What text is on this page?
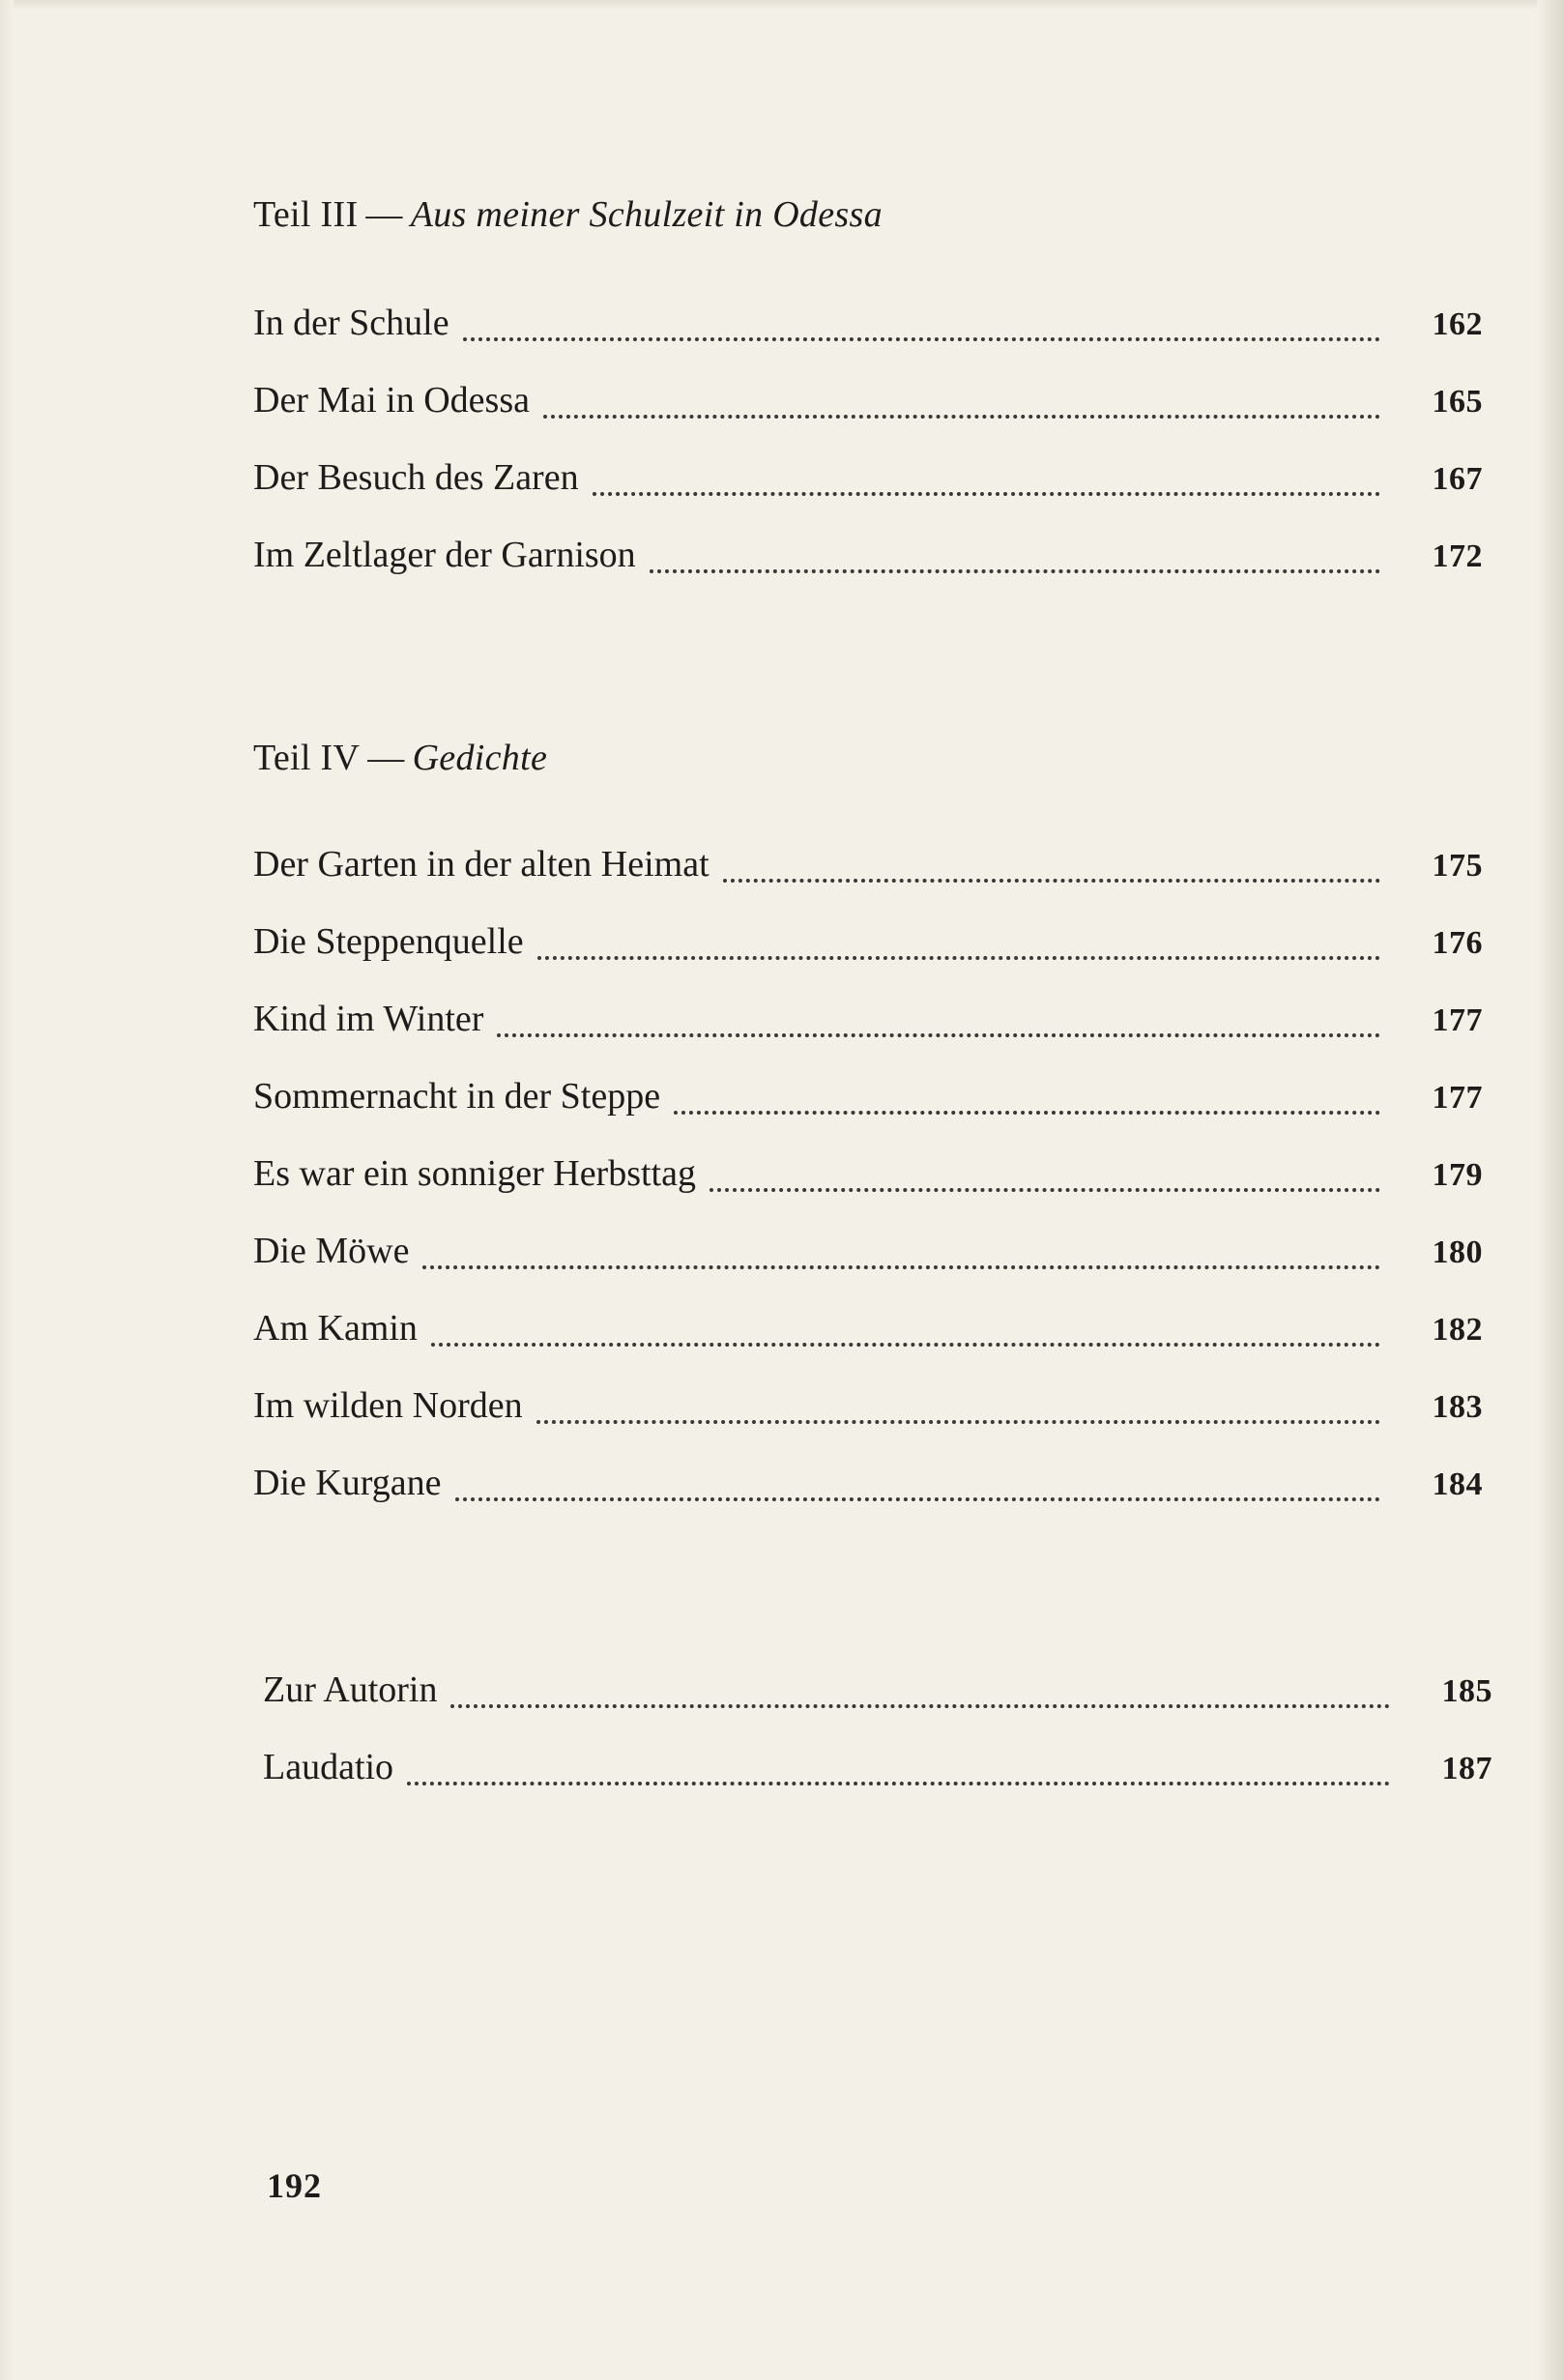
Teil III — Aus meiner Schulzeit in Odessa
In der Schule	162
Der Mai in Odessa	165
Der Besuch des Zaren	167
Im Zeltlager der Garnison	172
Teil IV — Gedichte
Der Garten in der alten Heimat	175
Die Steppenquelle	176
Kind im Winter	177
Sommernacht in der Steppe	177
Es war ein sonniger Herbsttag	179
Die Möwe	180
Am Kamin	182
Im wilden Norden	183
Die Kurgane	184
Zur Autorin	185
Laudatio	187
192
